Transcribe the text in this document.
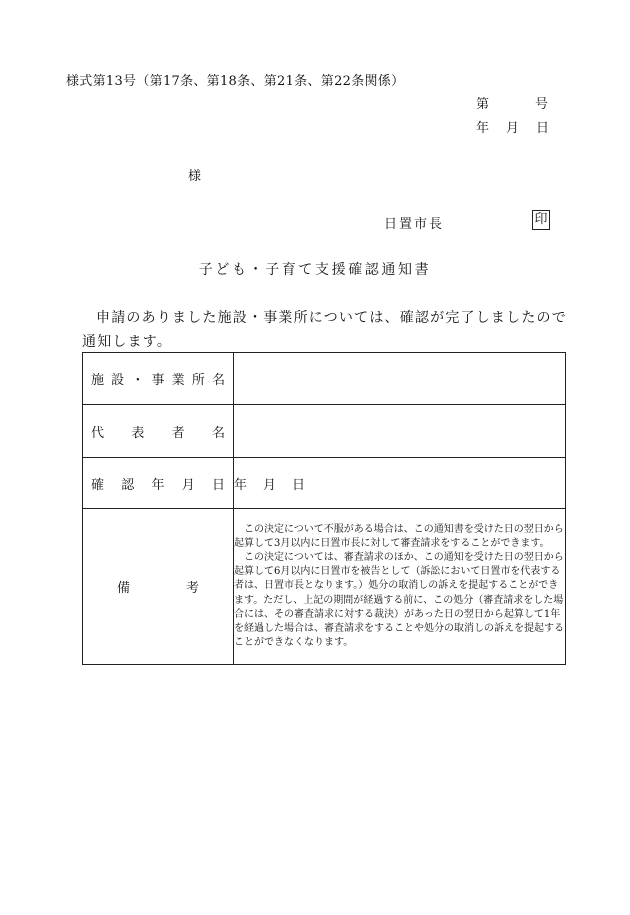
様式第13号（第17条、第18条、第21条、第22条関係）
第	号
年 月 日
様
日置市長	印
子ども・子育て支援確認通知書
申請のありました施設・事業所については、確認が完了しましたので通知します。
施設・事業所名	

代表者名	

確認年月日	年 月 日

備考	この決定について不服がある場合は、この通知書を受けた日の翌日から起算して3月以内に日置市長に対して審査請求をすることができます。

この決定については、審査請求のほか、この通知を受けた日の翌日から起算して6月以内に日置市を被告として（訴訟において日置市を代表する者は、日置市長となります。）処分の取消しの訴えを提起することができます。ただし、上記の期間が経過する前に、この処分（審査請求をした場合には、その審査請求に対する裁決）があった日の翌日から起算して1年を経過した場合は、審査請求をすることや処分の取消しの訴えを提起することができなくなります。
